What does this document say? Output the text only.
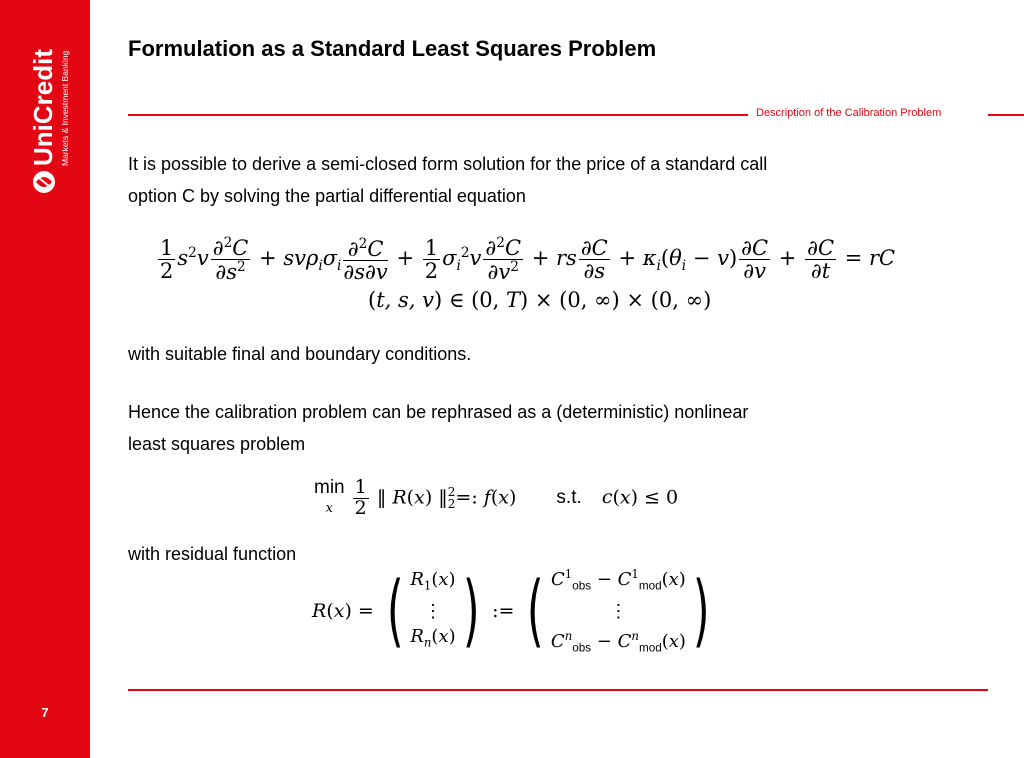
UniCredit Markets & Investment Banking
7
Formulation as a Standard Least Squares Problem
Description of the Calibration Problem
It is possible to derive a semi-closed form solution for the price of a standard call
option C by solving the partial differential equation
$\frac{1}{2} s^2v \frac{\partial^2C}{\partial s^2} + sv\rho_i\sigma_i \frac{\partial^2C}{\partial s\partial v} + \frac{1}{2} \sigma_i^2v \frac{\partial^2C}{\partial v^2}$ + rs $\frac{\partial C}{\partial s} + \kappa_i(\theta_i - v) \frac{\partial C}{\partial v} + \frac{\partial C}{\partial t}$ = rC
(t, s, v) ∈ (0, T) × (0, ∞) × (0, ∞)
with suitable final and boundary conditions.
Hence the calibration problem can be rephrased as a (deterministic) nonlinear
least squares problem
min
x $\frac{1}{2}$ ‖ R(x) ‖2
2=: f(x) s.t. c(x) ≤ 0
with residual function
R(x) = ( $R_1(x)$
⋮
$R_n(x)$) := ( $C^1_{obs} - C^1_{mod}(x)$
⋮
$C^n_{obs} - C^n_{mod}(x)$)
